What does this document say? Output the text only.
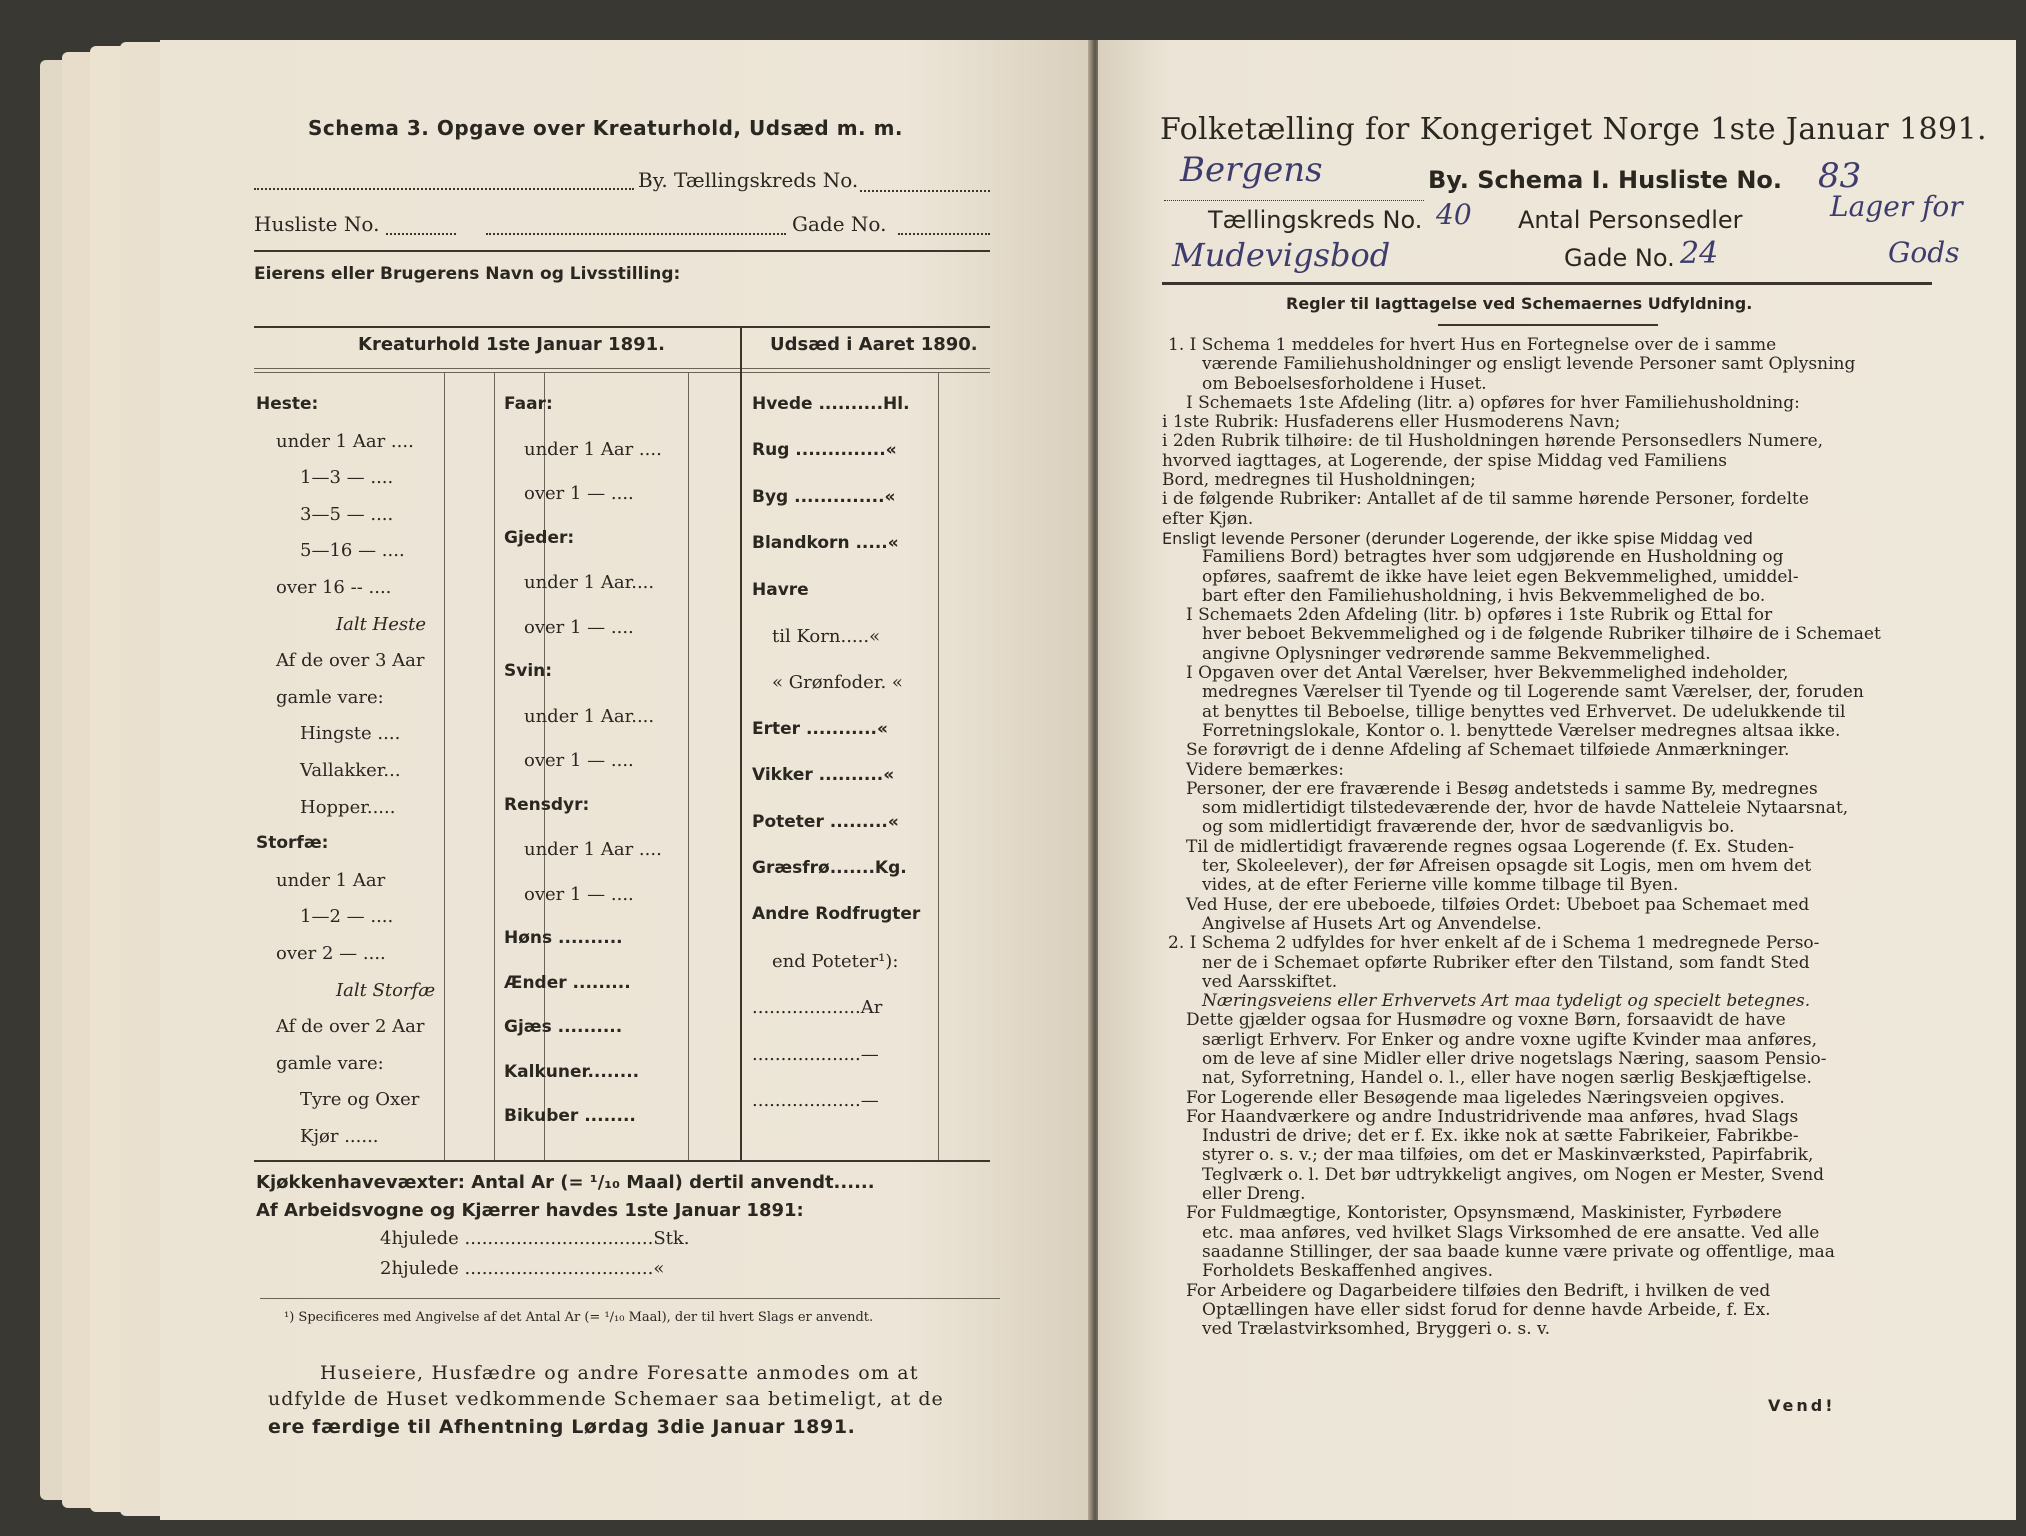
Schema 3. Opgave over Kreaturhold, Udsæd m. m.
By. Tællingskreds No.
Husliste No.	Gade No.
Eierens eller Brugerens Navn og Livsstilling:
Kreaturhold 1ste Januar 1891.	Udsæd i Aaret 1890.
Heste:
under 1 Aar ....
1—3 — ....
3—5 — ....
5—16 — ....
over 16 -- ....
Ialt Heste
Af de over 3 Aar
gamle vare:
Hingste ....
Vallakker...
Hopper.....
Storfæ:
under 1 Aar
1—2 — ....
over 2 — ....
Ialt Storfæ
Af de over 2 Aar
gamle vare:
Tyre og Oxer
Kjør ......
Faar:
under 1 Aar ....
over 1 — ....
Gjeder:
under 1 Aar....
over 1 — ....
Svin:
under 1 Aar....
over 1 — ....
Rensdyr:
under 1 Aar ....
over 1 — ....
Høns ..........
Ænder .........
Gjæs ..........
Kalkuner........
Bikuber ........
Hvede ..........Hl.
Rug ..............«
Byg ..............«
Blandkorn .....«
Havre
til Korn.....«
« Grønfoder. «
Erter ...........«
Vikker ..........«
Poteter .........«
Græsfrø.......Kg.
Andre Rodfrugter
end Poteter¹):
...................Ar
...................—
...................—
Kjøkkenhavevæxter: Antal Ar (= ¹/₁₀ Maal) dertil anvendt......
Af Arbeidsvogne og Kjærrer havdes 1ste Januar 1891:
4hjulede .................................Stk.
2hjulede .................................«
¹) Specificeres med Angivelse af det Antal Ar (= ¹/₁₀ Maal), der til hvert Slags er anvendt.
Huseiere, Husfædre og andre Foresatte anmodes om at
udfylde de Huset vedkommende Schemaer saa betimeligt, at de
ere færdige til Afhentning Lørdag 3die Januar 1891.
Folketælling for Kongeriget Norge 1ste Januar 1891.
Bergens	By. Schema I. Husliste No. 83
Tællingskreds No. 40 Antal Personsedler	Lager for
Gods
Mudevigsbod	Gade No. 24
Regler til Iagttagelse ved Schemaernes Udfyldning.

1. I Schema 1 meddeles for hvert Hus en Fortegnelse over de i samme

værende Familiehusholdninger og ensligt levende Personer samt Oplysning

om Beboelsesforholdene i Huset.

I Schemaets 1ste Afdeling (litr. a) opføres for hver Familiehusholdning:

i 1ste Rubrik: Husfaderens eller Husmoderens Navn;

i 2den Rubrik tilhøire: de til Husholdningen hørende Personsedlers Numere,

hvorved iagttages, at Logerende, der spise Middag ved Familiens

Bord, medregnes til Husholdningen;

i de følgende Rubriker: Antallet af de til samme hørende Personer, fordelte

efter Kjøn.

Ensligt levende Personer (derunder Logerende, der ikke spise Middag ved

Familiens Bord) betragtes hver som udgjørende en Husholdning og

opføres, saafremt de ikke have leiet egen Bekvemmelighed, umiddel-

bart efter den Familiehusholdning, i hvis Bekvemmelighed de bo.

I Schemaets 2den Afdeling (litr. b) opføres i 1ste Rubrik og Ettal for

hver beboet Bekvemmelighed og i de følgende Rubriker tilhøire de i Schemaet

angivne Oplysninger vedrørende samme Bekvemmelighed.

I Opgaven over det Antal Værelser, hver Bekvemmelighed indeholder,

medregnes Værelser til Tyende og til Logerende samt Værelser, der, foruden

at benyttes til Beboelse, tillige benyttes ved Erhvervet. De udelukkende til

Forretningslokale, Kontor o. l. benyttede Værelser medregnes altsaa ikke.

Se forøvrigt de i denne Afdeling af Schemaet tilføiede Anmærkninger.

Videre bemærkes:

Personer, der ere fraværende i Besøg andetsteds i samme By, medregnes

som midlertidigt tilstedeværende der, hvor de havde Natteleie Nytaarsnat,

og som midlertidigt fraværende der, hvor de sædvanligvis bo.

Til de midlertidigt fraværende regnes ogsaa Logerende (f. Ex. Studen-

ter, Skoleelever), der før Afreisen opsagde sit Logis, men om hvem det

vides, at de efter Ferierne ville komme tilbage til Byen.

Ved Huse, der ere ubeboede, tilføies Ordet: Ubeboet paa Schemaet med

Angivelse af Husets Art og Anvendelse.

2. I Schema 2 udfyldes for hver enkelt af de i Schema 1 medregnede Perso-

ner de i Schemaet opførte Rubriker efter den Tilstand, som fandt Sted

ved Aarsskiftet.

Næringsveiens eller Erhvervets Art maa tydeligt og specielt betegnes.

Dette gjælder ogsaa for Husmødre og voxne Børn, forsaavidt de have

særligt Erhverv. For Enker og andre voxne ugifte Kvinder maa anføres,

om de leve af sine Midler eller drive nogetslags Næring, saasom Pensio-

nat, Syforretning, Handel o. l., eller have nogen særlig Beskjæftigelse.

For Logerende eller Besøgende maa ligeledes Næringsveien opgives.

For Haandværkere og andre Industridrivende maa anføres, hvad Slags

Industri de drive; det er f. Ex. ikke nok at sætte Fabrikeier, Fabrikbe-

styrer o. s. v.; der maa tilføies, om det er Maskinværksted, Papirfabrik,

Teglværk o. l. Det bør udtrykkeligt angives, om Nogen er Mester, Svend

eller Dreng.

For Fuldmægtige, Kontorister, Opsynsmænd, Maskinister, Fyrbødere

etc. maa anføres, ved hvilket Slags Virksomhed de ere ansatte. Ved alle

saadanne Stillinger, der saa baade kunne være private og offentlige, maa

Forholdets Beskaffenhed angives.

For Arbeidere og Dagarbeidere tilføies den Bedrift, i hvilken de ved

Optællingen have eller sidst forud for denne havde Arbeide, f. Ex.

ved Trælastvirksomhed, Bryggeri o. s. v.

Vend!
